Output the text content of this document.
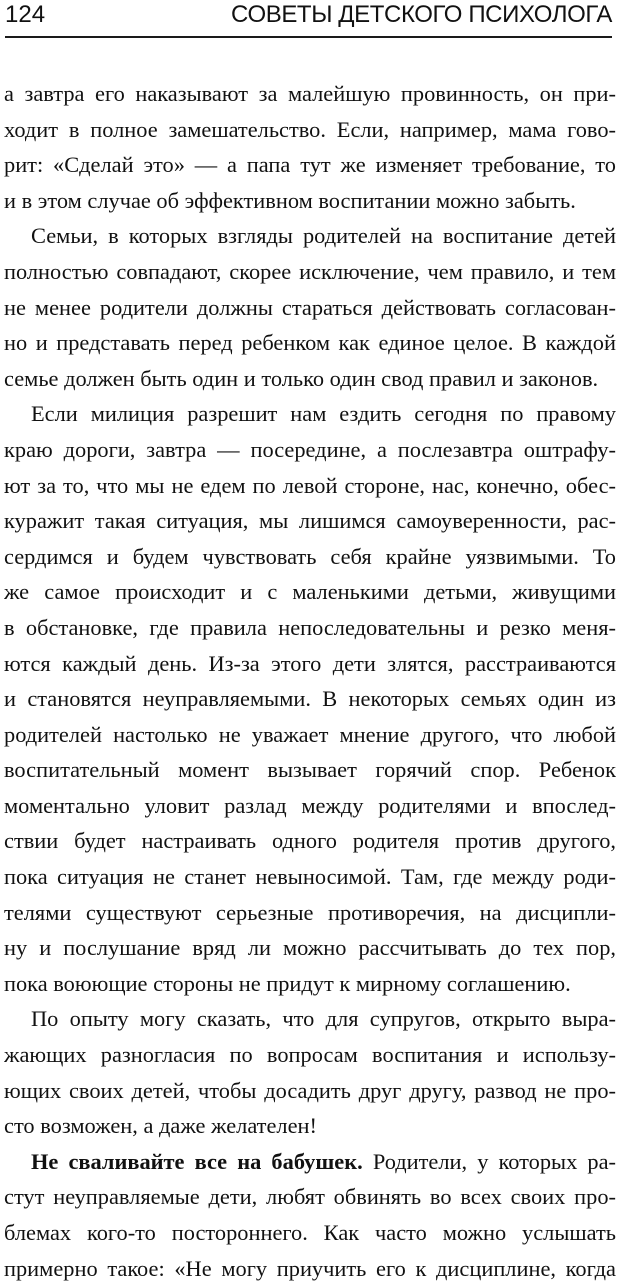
124	СОВЕТЫ ДЕТСКОГО ПСИХОЛОГА
а завтра его наказывают за малейшую провинность, он при-
ходит в полное замешательство. Если, например, мама гово-
рит: «Сделай это» — а папа тут же изменяет требование, то
и в этом случае об эффективном воспитании можно забыть.
Семьи, в которых взгляды родителей на воспитание детей
полностью совпадают, скорее исключение, чем правило, и тем
не менее родители должны стараться действовать согласован-
но и представать перед ребенком как единое целое. В каждой
семье должен быть один и только один свод правил и законов.
Если милиция разрешит нам ездить сегодня по правому
краю дороги, завтра — посередине, а послезавтра оштрафу-
ют за то, что мы не едем по левой стороне, нас, конечно, обес-
куражит такая ситуация, мы лишимся самоуверенности, рас-
сердимся и будем чувствовать себя крайне уязвимыми. То
же самое происходит и с маленькими детьми, живущими
в обстановке, где правила непоследовательны и резко меня-
ются каждый день. Из-за этого дети злятся, расстраиваются
и становятся неуправляемыми. В некоторых семьях один из
родителей настолько не уважает мнение другого, что любой
воспитательный момент вызывает горячий спор. Ребенок
моментально уловит разлад между родителями и впослед-
ствии будет настраивать одного родителя против другого,
пока ситуация не станет невыносимой. Там, где между роди-
телями существуют серьезные противоречия, на дисципли-
ну и послушание вряд ли можно рассчитывать до тех пор,
пока воюющие стороны не придут к мирному соглашению.
По опыту могу сказать, что для супругов, открыто выра-
жающих разногласия по вопросам воспитания и использу-
ющих своих детей, чтобы досадить друг другу, развод не про-
сто возможен, а даже желателен!
Не сваливайте все на бабушек. Родители, у которых ра-
стут неуправляемые дети, любят обвинять во всех своих про-
блемах кого-то постороннего. Как часто можно услышать
примерно такое: «Не могу приучить его к дисциплине, когда
